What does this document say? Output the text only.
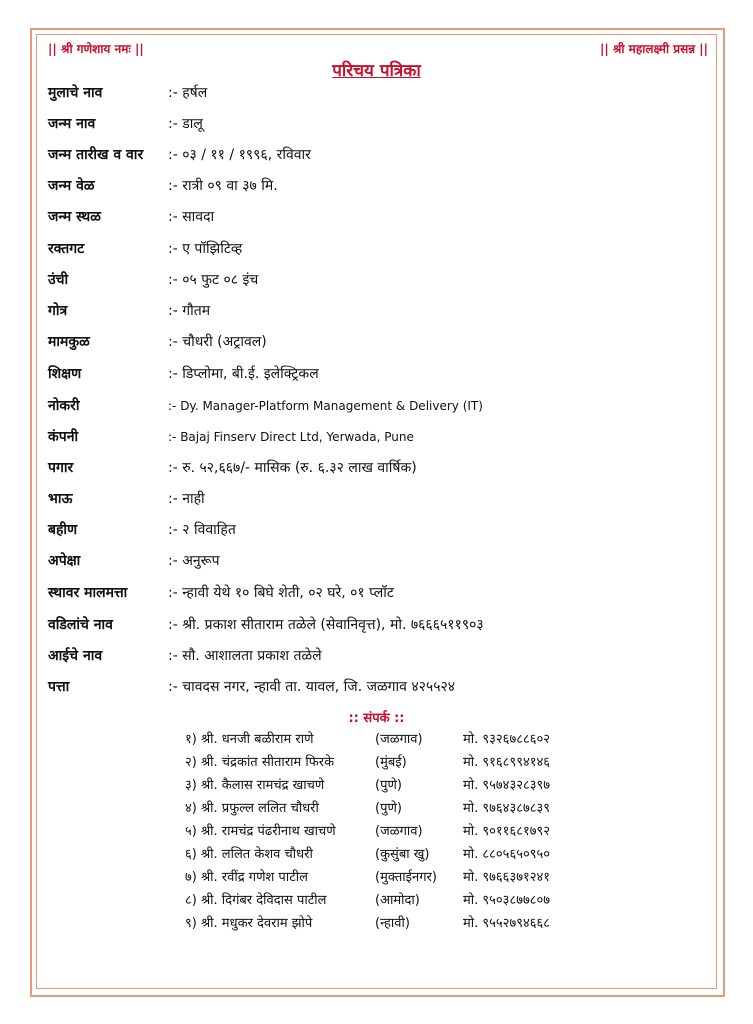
|| श्री गणेशाय नमः ||	|| श्री महालक्ष्मी प्रसन्न ||
परिचय पत्रिका
मुलाचे नाव	:- हर्षल
जन्म नाव	:- डालू
जन्म तारीख व वार :- ०३ / ११ / १९९६, रविवार
जन्म वेळ	:- रात्री ०९ वा ३७ मि.
जन्म स्थळ	:- सावदा
रक्तगट	:- ए पॉझिटिव्ह
उंची	:- ०५ फुट ०८ इंच
गोत्र	:- गौतम
मामकुळ	:- चौधरी (अट्रावल)
शिक्षण	:- डिप्लोमा, बी.ई. इलेक्ट्रिकल
नोकरी	:- Dy. Manager-Platform Management & Delivery (IT)
कंपनी	:- Bajaj Finserv Direct Ltd, Yerwada, Pune
पगार	:- रु. ५२,६६७/- मासिक (रु. ६.३२ लाख वार्षिक)
भाऊ	:- नाही
बहीण	:- २ विवाहित
अपेक्षा	:- अनुरूप
स्थावर मालमत्ता	:- न्हावी येथे १० बिघे शेती, ०२ घरे, ०१ प्लॉट
वडिलांचे नाव	:- श्री. प्रकाश सीताराम तळेले (सेवानिवृत्त), मो. ७६६६५११९०३
आईचे नाव	:- सौ. आशालता प्रकाश तळेले
पत्ता	:- चावदस नगर, न्हावी ता. यावल, जि. जळगाव ४२५५२४
:: संपर्क ::
१) श्री. धनजी बळीराम राणे	(जळगाव)	मो. ९३२६७८८६०२
२) श्री. चंद्रकांत सीताराम फिरके	(मुंबई)	मो. ९१६८९९४१४६
३) श्री. कैलास रामचंद्र खाचणे	(पुणे)	मो. ९५७४३२८३९७
४) श्री. प्रफुल्ल ललित चौधरी	(पुणे)	मो. ९७६४३८७८३९
५) श्री. रामचंद्र पंढरीनाथ खाचणे	(जळगाव)	मो. ९०११६८१७९२
६) श्री. ललित केशव चौधरी	(कुसुंबा खु)	मो. ८८०५६५०९५०
७) श्री. रवींद्र गणेश पाटील	(मुक्ताईनगर) मो. ९७६६३७१२४१
८) श्री. दिगंबर देविदास पाटील	(आमोदा)	मो. ९५०३८७७८०७
९) श्री. मधुकर देवराम झोपे	(न्हावी)	मो. ९५५२७९४६६८
